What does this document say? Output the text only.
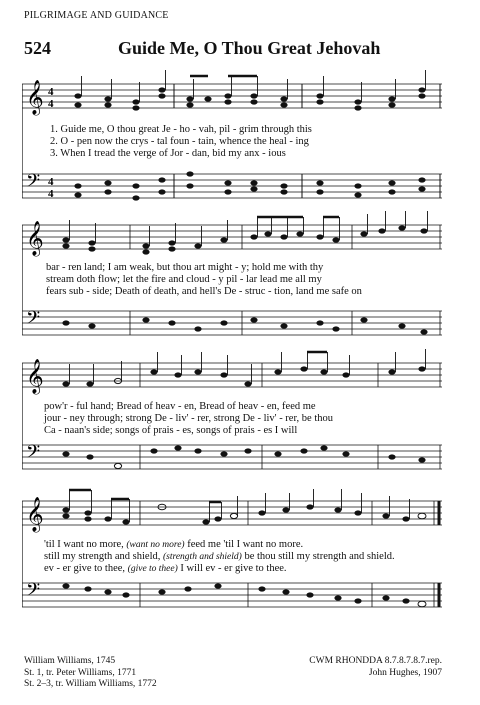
PILGRIMAGE AND GUIDANCE
524	Guide Me, O Thou Great Jehovah
𝄞
𝄢
4
4
4
4
1. Guide me, O thou great Je - ho - vah, pil - grim through this
2. O - pen now the crys - tal foun - tain, whence the heal - ing
3. When I tread the verge of Jor - dan, bid my anx - ious
𝄞
𝄢
bar - ren land; I am weak, but thou art might - y; hold me with thy
stream doth flow; let the fire and cloud - y pil - lar lead me all my
fears sub - side; Death of death, and hell's De - struc - tion, land me safe on
𝄞
𝄢
pow'r - ful hand; Bread of heav - en, Bread of heav - en, feed me
jour - ney through; strong De - liv' - rer, strong De - liv' - rer, be thou
Ca - naan's side; songs of prais - es, songs of prais - es I will
𝄞
𝄢
'til I want no more, (want no more) feed me 'til I want no more.
still my strength and shield, (strength and shield) be thou still my strength and shield.
ev - er give to thee, (give to thee) I will ev - er give to thee.
William Williams, 1745
St. 1, tr. Peter Williams, 1771
St. 2–3, tr. William Williams, 1772
CWM RHONDDA 8.7.8.7.8.7.rep.
John Hughes, 1907
